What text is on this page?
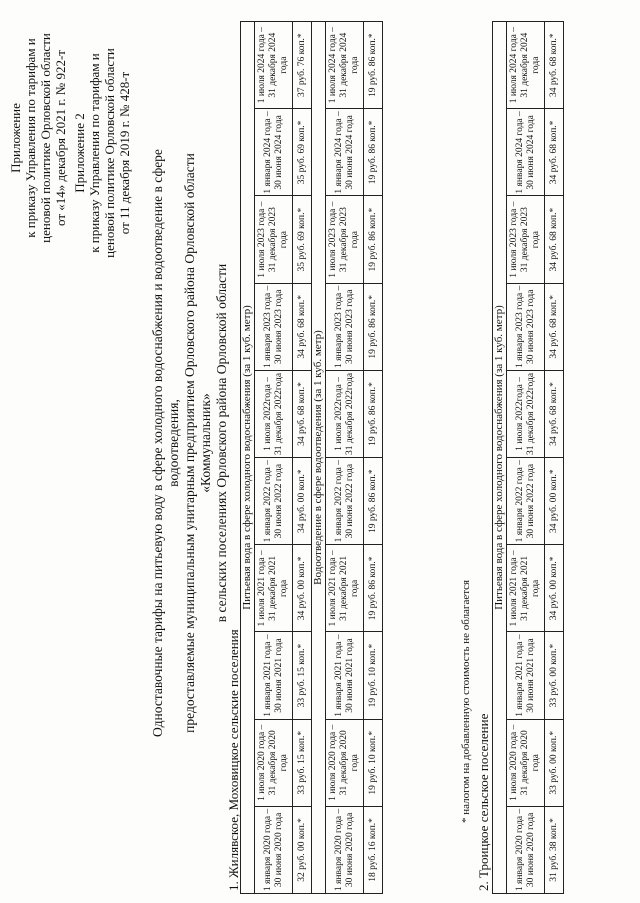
Приложение к приказу Управления по тарифам и ценовой политике Орловской области от «14» декабря 2021 г. № 922-т Приложение 2 к приказу Управления по тарифам и ценовой политике Орловской области от 11 декабря 2019 г. № 428-т Одноставочные тарифы на питьевую воду в сфере холодного водоснабжения и водоотведение в сфере водоотведения, предоставляемые муниципальным унитарным предприятием Орловского района Орловской области «Коммунальник» в сельских поселениях Орловского района Орловской области
1. Жилявское, Моховицкое сельские поселения
Питьевая вода в сфере холодного водоснабжения (за 1 куб. метр)									
1 января 2020 года – 30 июня 2020 года	1 июля 2020 года – 31 декабря 2020 года	1 января 2021 года – 30 июня 2021 года	1 июля 2021 года – 31 декабря 2021 года	1 января 2022 года – 30 июня 2022 года	1 июля 2022года – 31 декабря 2022года	1 января 2023 года – 30 июня 2023 года	1 июля 2023 года – 31 декабря 2023 года	1 января 2024 года – 30 июня 2024 года	1 июля 2024 года – 31 декабря 2024 года
32 руб. 00 коп.*	33 руб. 15 коп.*	33 руб. 15 коп.*	34 руб. 00 коп.*	34 руб. 00 коп.*	34 руб. 68 коп.*	34 руб. 68 коп.*	35 руб. 69 коп.*	35 руб. 69 коп.*	37 руб. 76 коп.*
Водоотведение в сфере водоотведения (за 1 куб. метр)									
1 января 2020 года – 30 июня 2020 года	1 июля 2020 года – 31 декабря 2020 года	1 января 2021 года – 30 июня 2021 года	1 июля 2021 года – 31 декабря 2021 года	1 января 2022 года – 30 июня 2022 года	1 июля 2022года – 31 декабря 2022года	1 января 2023 года – 30 июня 2023 года	1 июля 2023 года – 31 декабря 2023 года	1 января 2024 года – 30 июня 2024 года	1 июля 2024 года – 31 декабря 2024 года
18 руб. 16 коп.*	19 руб. 10 коп.*	19 руб. 10 коп.*	19 руб. 86 коп.*	19 руб. 86 коп.*	19 руб. 86 коп.*	19 руб. 86 коп.*	19 руб. 86 коп.*	19 руб. 86 коп.*	19 руб. 86 коп.*
* налогом на добавленную стоимость не облагается 2. Троицкое сельское поселение
Питьевая вода в сфере холодного водоснабжения (за 1 куб. метр)									
1 января 2020 года – 30 июня 2020 года	1 июля 2020 года – 31 декабря 2020 года	1 января 2021 года – 30 июня 2021 года	1 июля 2021 года – 31 декабря 2021 года	1 января 2022 года – 30 июня 2022 года	1 июля 2022года – 31 декабря 2022года	1 января 2023 года – 30 июня 2023 года	1 июля 2023 года – 31 декабря 2023 года	1 января 2024 года – 30 июня 2024 года	1 июля 2024 года – 31 декабря 2024 года
31 руб. 38 коп.*	33 руб. 00 коп.*	33 руб. 00 коп.*	34 руб. 00 коп.*	34 руб. 00 коп.*	34 руб. 68 коп.*	34 руб. 68 коп.*	34 руб. 68 коп.*	34 руб. 68 коп.*	34 руб. 68 коп.*
